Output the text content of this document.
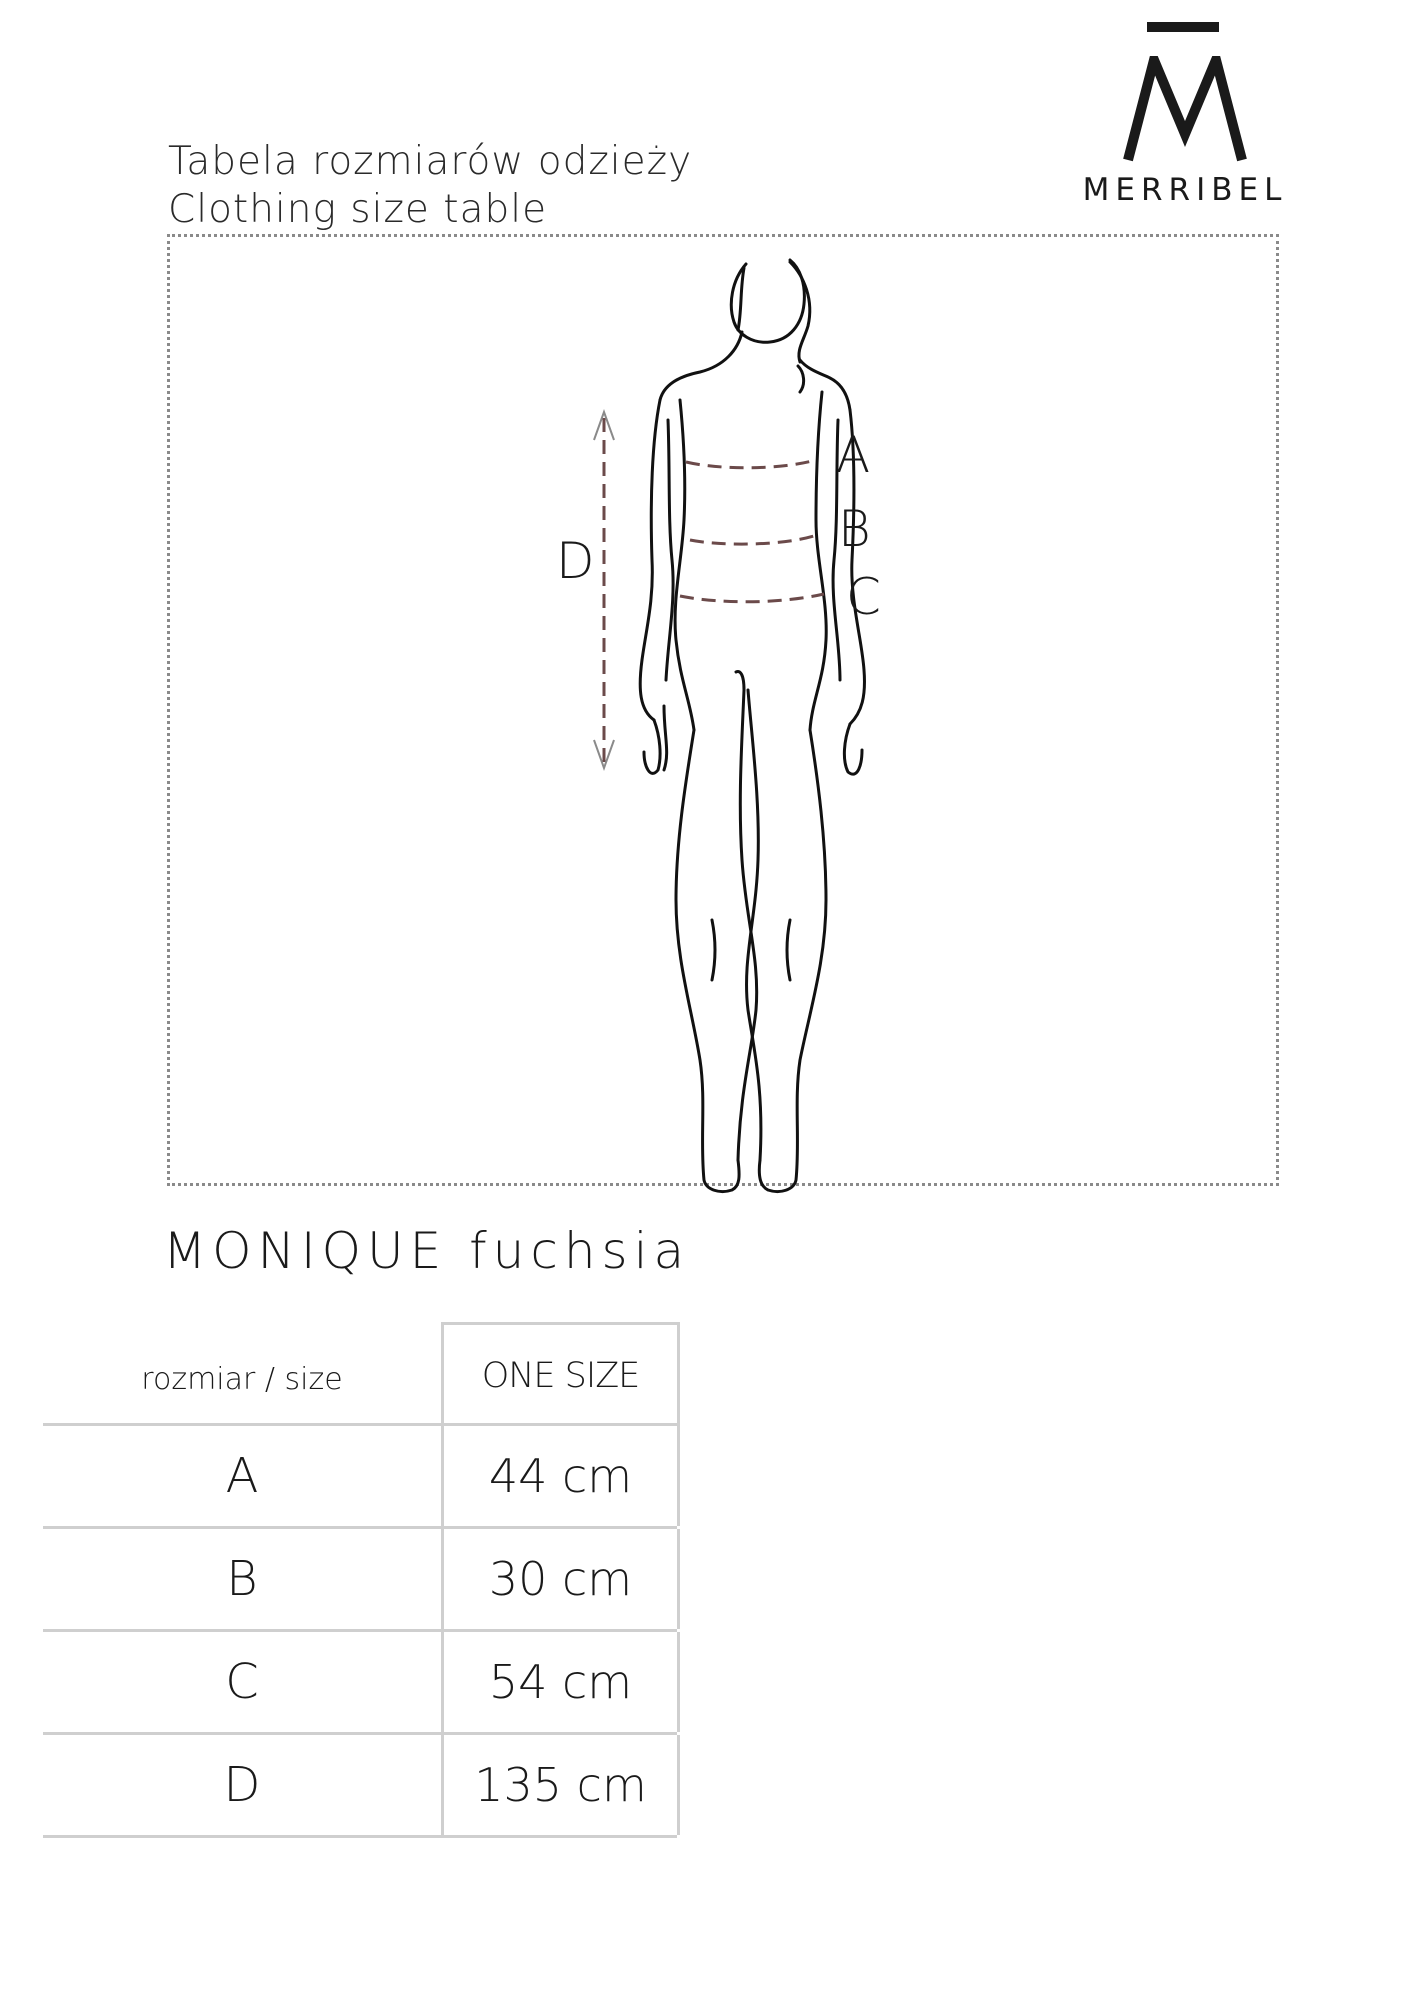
Tabela rozmiarów odzieży
Clothing size table	MERRIBEL
A
B
C
D
MONIQUE fuchsia
rozmiar / size	ONE SIZE
A	44 cm
B	30 cm
C	54 cm
D	135 cm
